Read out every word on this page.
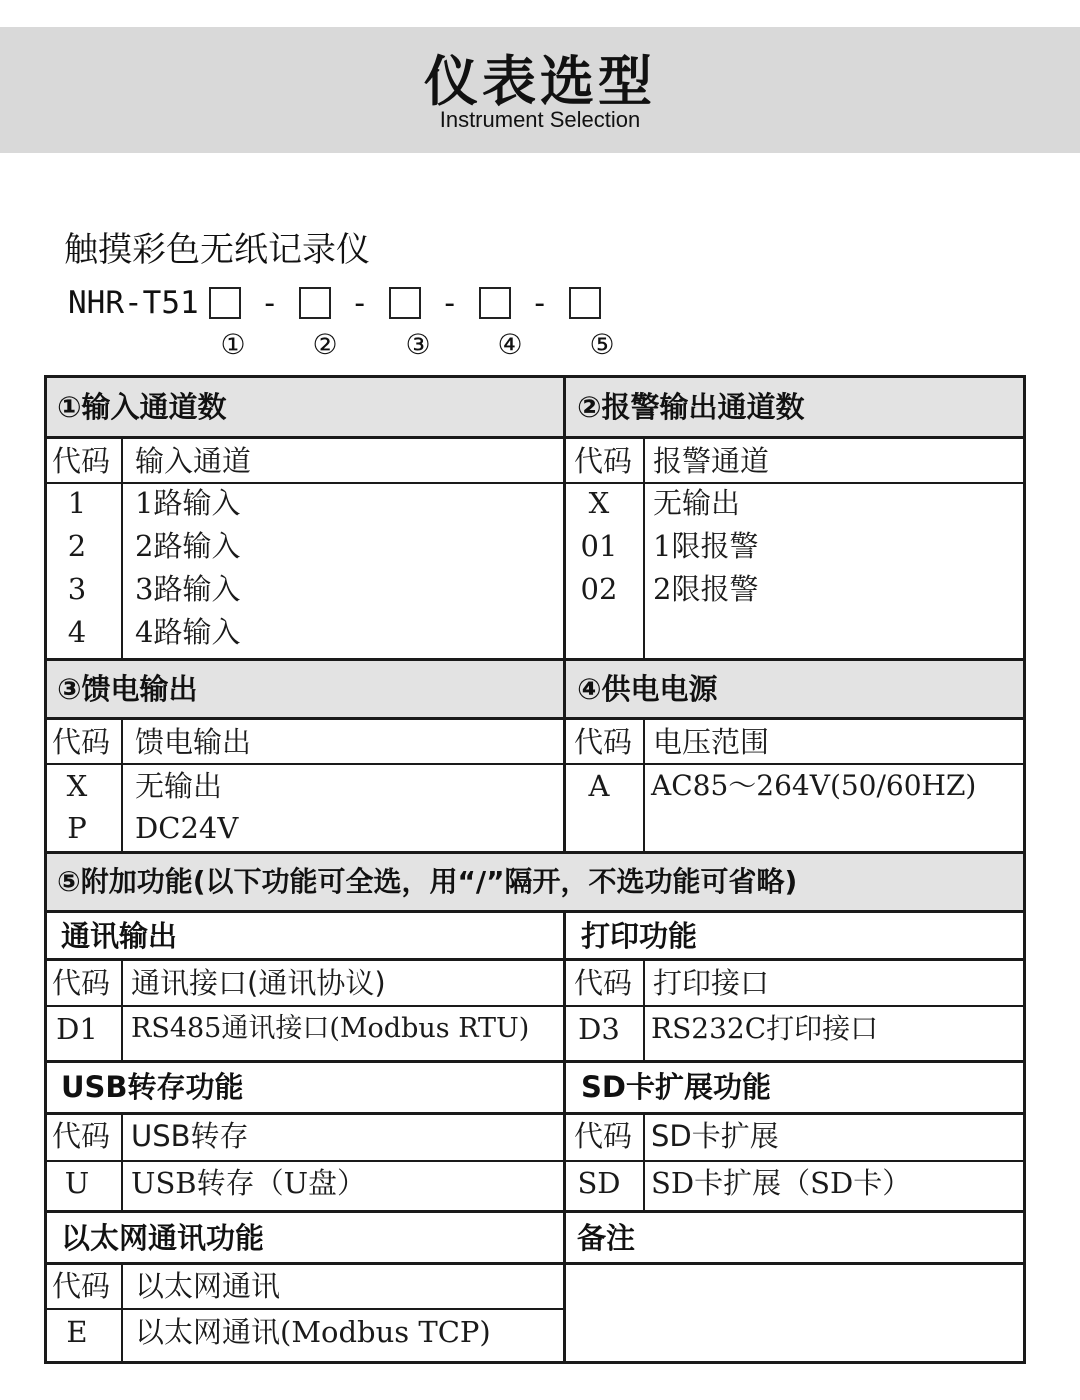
仪表选型
Instrument Selection
触摸彩色无纸记录仪
NHR-T51	-	-	-	-
① ② ③ ④ ⑤
①输入通道数
代码 输入通道
1	1路输入
2	2路输入
3	3路输入
4	4路输入
②报警输出通道数
代码 报警通道
X	无输出
01	1限报警
02	2限报警
③馈电输出
代码 馈电输出
X	无输出
P	DC24V
④供电电源
代码 电压范围
A	AC85～264V(50/60HZ)
⑤附加功能(以下功能可全选，用“/”隔开，不选功能可省略)
通讯输出
代码 通讯接口(通讯协议)
D1	RS485通讯接口(Modbus RTU)
打印功能
代码 打印接口
D3	RS232C打印接口
USB转存功能
代码 USB转存
U	USB转存（U盘）
SD卡扩展功能
代码 SD卡扩展
SD SD卡扩展（SD卡）
以太网通讯功能
代码 以太网通讯
E	以太网通讯(Modbus TCP)
备注
